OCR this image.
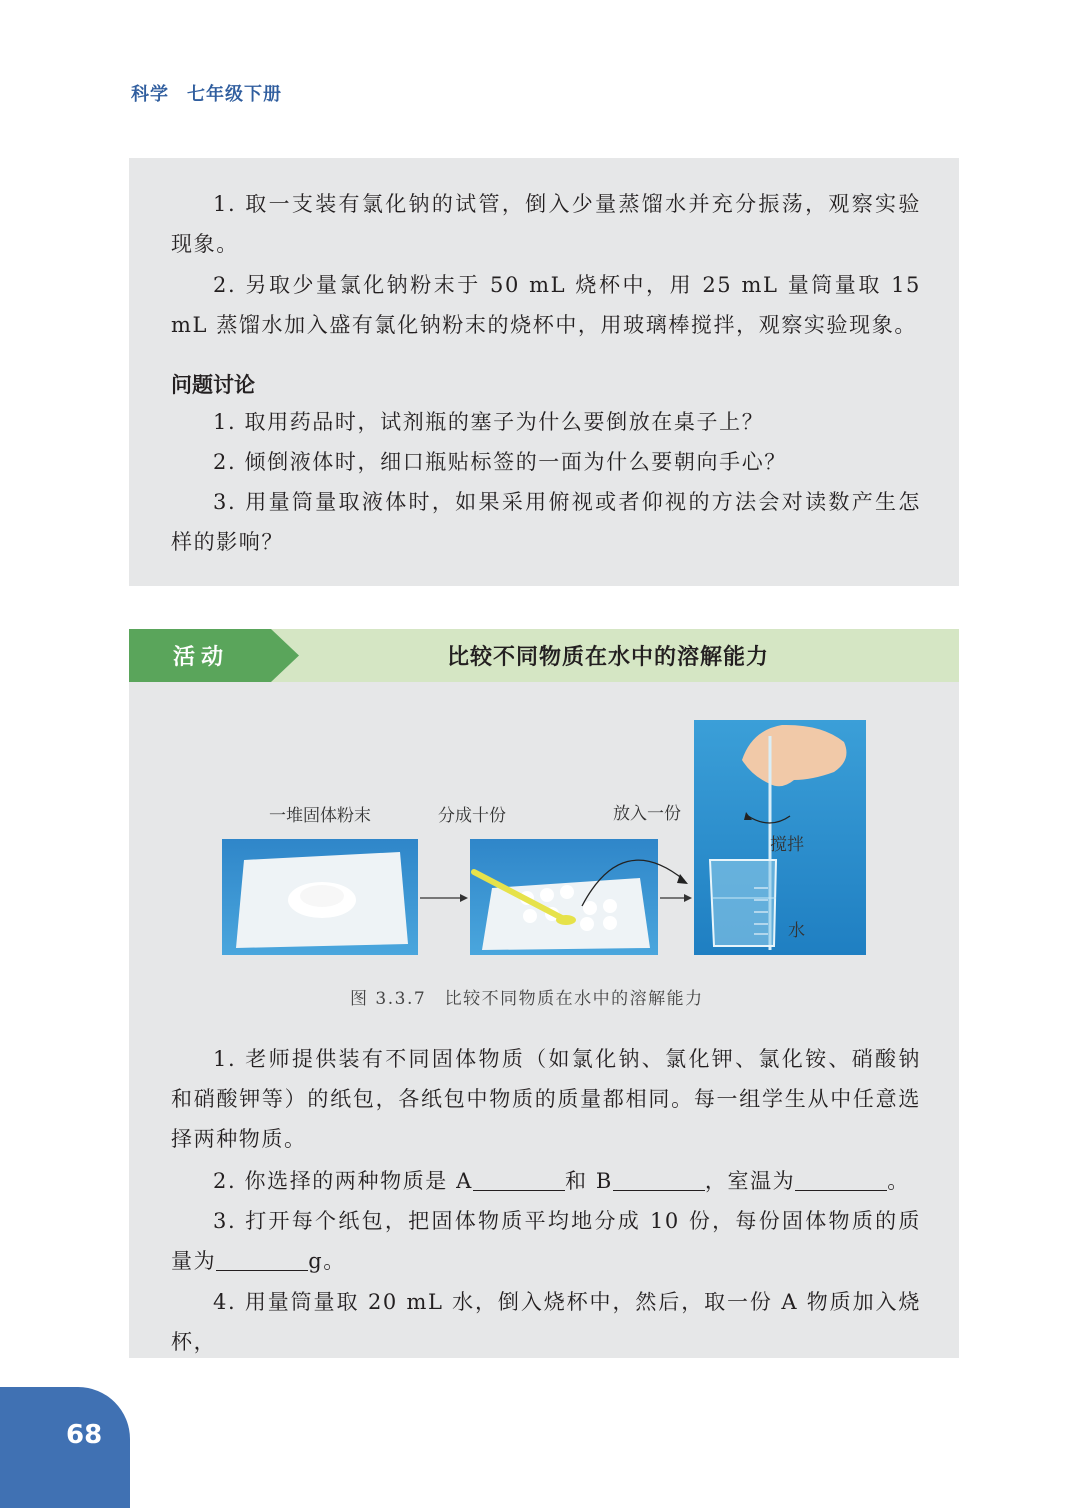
科学 七年级下册

1. 取一支装有氯化钠的试管，倒入少量蒸馏水并充分振荡，观察实验现象。

2. 另取少量氯化钠粉末于 50 mL 烧杯中，用 25 mL 量筒量取 15 mL 蒸馏水加入盛有氯化钠粉末的烧杯中，用玻璃棒搅拌，观察实验现象。

问题讨论

1. 取用药品时，试剂瓶的塞子为什么要倒放在桌子上？

2. 倾倒液体时，细口瓶贴标签的一面为什么要朝向手心？

3. 用量筒量取液体时，如果采用俯视或者仰视的方法会对读数产生怎样的影响？

活动	比较不同物质在水中的溶解能力
一堆固体粉末	分成十份	放入一份
搅拌
水
图 3.3.7　比较不同物质在水中的溶解能力

1. 老师提供装有不同固体物质（如氯化钠、氯化钾、氯化铵、硝酸钠和硝酸钾等）的纸包，各纸包中物质的质量都相同。每一组学生从中任意选择两种物质。

2. 你选择的两种物质是 A	和 B	，室温为	。

3. 打开每个纸包，把固体物质平均地分成 10 份，每份固体物质的质量为	g。

4. 用量筒量取 20 mL 水，倒入烧杯中，然后，取一份 A 物质加入烧杯，

68
